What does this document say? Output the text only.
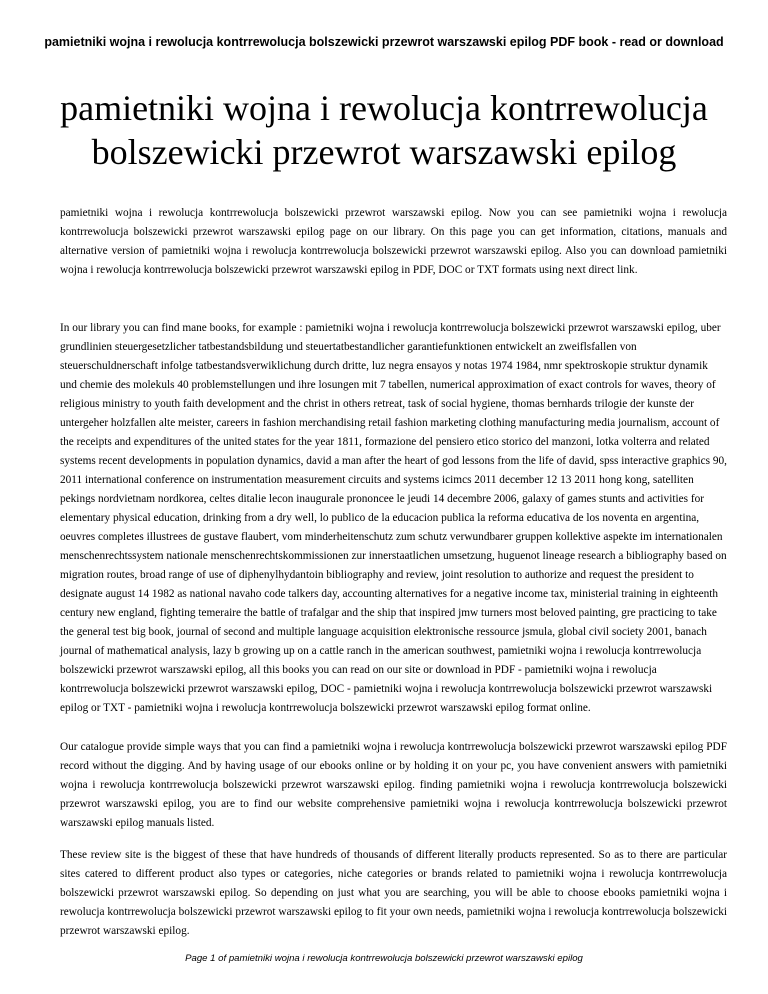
pamietniki wojna i rewolucja kontrrewolucja bolszewicki przewrot warszawski epilog PDF book - read or download
pamietniki wojna i rewolucja kontrrewolucja bolszewicki przewrot warszawski epilog

pamietniki wojna i rewolucja kontrrewolucja bolszewicki przewrot warszawski epilog. Now you can see pamietniki wojna i rewolucja kontrrewolucja bolszewicki przewrot warszawski epilog page on our library. On this page you can get information, citations, manuals and alternative version of pamietniki wojna i rewolucja kontrrewolucja bolszewicki przewrot warszawski epilog. Also you can download pamietniki wojna i rewolucja kontrrewolucja bolszewicki przewrot warszawski epilog in PDF, DOC or TXT formats using next direct link.

In our library you can find mane books, for example : pamietniki wojna i rewolucja kontrrewolucja bolszewicki przewrot warszawski epilog, uber grundlinien steuergesetzlicher tatbestandsbildung und steuertatbestandlicher garantiefunktionen entwickelt an zweiflsfallen von steuerschuldnerschaft infolge tatbestandsverwiklichung durch dritte, luz negra ensayos y notas 1974 1984, nmr spektroskopie struktur dynamik und chemie des molekuls 40 problemstellungen und ihre losungen mit 7 tabellen, numerical approximation of exact controls for waves, theory of religious ministry to youth faith development and the christ in others retreat, task of social hygiene, thomas bernhards trilogie der kunste der untergeher holzfallen alte meister, careers in fashion merchandising retail fashion marketing clothing manufacturing media journalism, account of the receipts and expenditures of the united states for the year 1811, formazione del pensiero etico storico del manzoni, lotka volterra and related systems recent developments in population dynamics, david a man after the heart of god lessons from the life of david, spss interactive graphics 90, 2011 international conference on instrumentation measurement circuits and systems icimcs 2011 december 12 13 2011 hong kong, satelliten pekings nordvietnam nordkorea, celtes ditalie lecon inaugurale prononcee le jeudi 14 decembre 2006, galaxy of games stunts and activities for elementary physical education, drinking from a dry well, lo publico de la educacion publica la reforma educativa de los noventa en argentina, oeuvres completes illustrees de gustave flaubert, vom minderheitenschutz zum schutz verwundbarer gruppen kollektive aspekte im internationalen menschenrechtssystem nationale menschenrechtskommissionen zur innerstaatlichen umsetzung, huguenot lineage research a bibliography based on migration routes, broad range of use of diphenylhydantoin bibliography and review, joint resolution to authorize and request the president to designate august 14 1982 as national navaho code talkers day, accounting alternatives for a negative income tax, ministerial training in eighteenth century new england, fighting temeraire the battle of trafalgar and the ship that inspired jmw turners most beloved painting, gre practicing to take the general test big book, journal of second and multiple language acquisition elektronische ressource jsmula, global civil society 2001, banach journal of mathematical analysis, lazy b growing up on a cattle ranch in the american southwest, pamietniki wojna i rewolucja kontrrewolucja bolszewicki przewrot warszawski epilog, all this books you can read on our site or download in PDF - pamietniki wojna i rewolucja kontrrewolucja bolszewicki przewrot warszawski epilog, DOC - pamietniki wojna i rewolucja kontrrewolucja bolszewicki przewrot warszawski epilog or TXT - pamietniki wojna i rewolucja kontrrewolucja bolszewicki przewrot warszawski epilog format online.

Our catalogue provide simple ways that you can find a pamietniki wojna i rewolucja kontrrewolucja bolszewicki przewrot warszawski epilog PDF record without the digging. And by having usage of our ebooks online or by holding it on your pc, you have convenient answers with pamietniki wojna i rewolucja kontrrewolucja bolszewicki przewrot warszawski epilog. finding pamietniki wojna i rewolucja kontrrewolucja bolszewicki przewrot warszawski epilog, you are to find our website comprehensive pamietniki wojna i rewolucja kontrrewolucja bolszewicki przewrot warszawski epilog manuals listed.

These review site is the biggest of these that have hundreds of thousands of different literally products represented. So as to there are particular sites catered to different product also types or categories, niche categories or brands related to pamietniki wojna i rewolucja kontrrewolucja bolszewicki przewrot warszawski epilog. So depending on just what you are searching, you will be able to choose ebooks pamietniki wojna i rewolucja kontrrewolucja bolszewicki przewrot warszawski epilog to fit your own needs, pamietniki wojna i rewolucja kontrrewolucja bolszewicki przewrot warszawski epilog.

Page 1 of pamietniki wojna i rewolucja kontrrewolucja bolszewicki przewrot warszawski epilog
